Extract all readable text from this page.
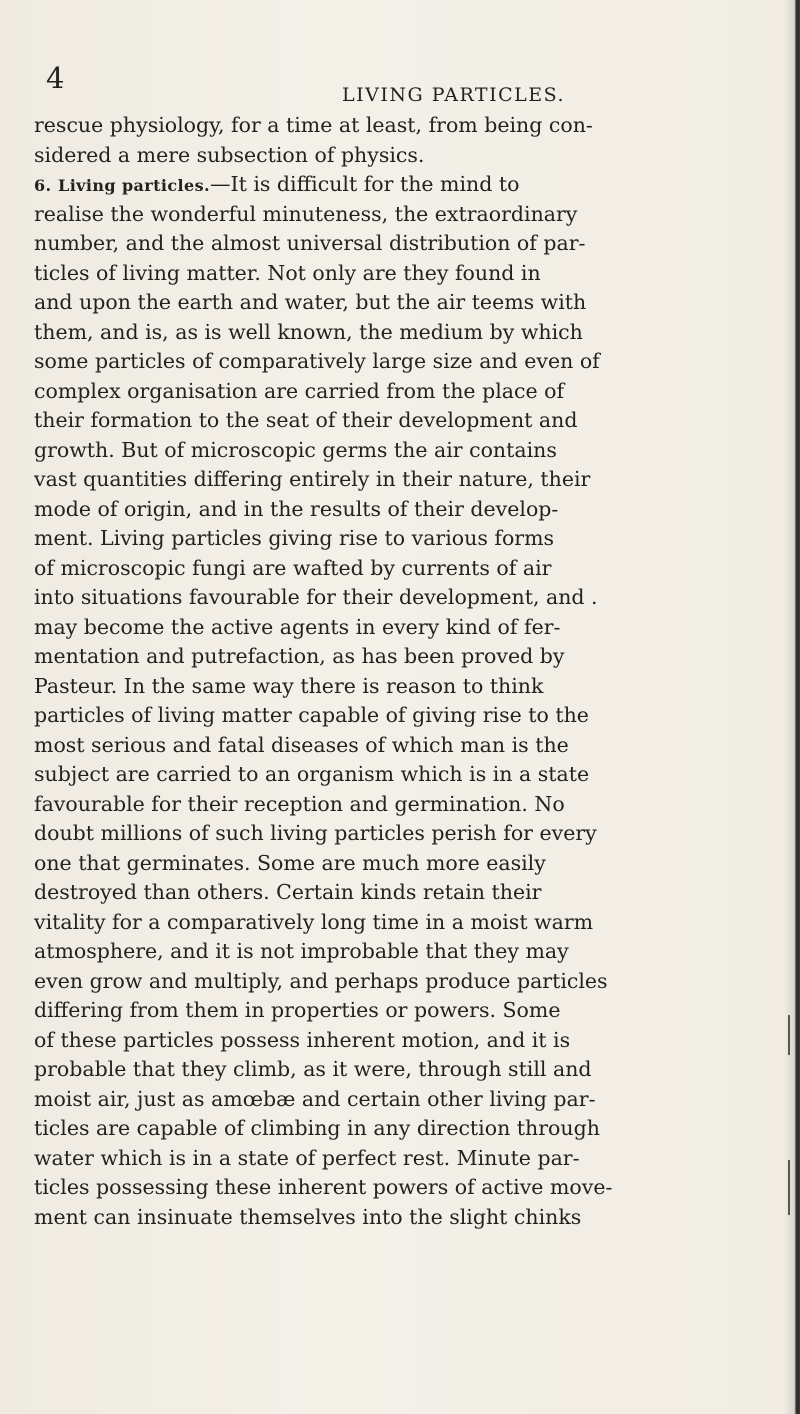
4	LIVING PARTICLES.
rescue physiology, for a time at least, from being con-
sidered a mere subsection of physics.
6. Living particles.—It is difficult for the mind to
realise the wonderful minuteness, the extraordinary
number, and the almost universal distribution of par-
ticles of living matter. Not only are they found in
and upon the earth and water, but the air teems with
them, and is, as is well known, the medium by which
some particles of comparatively large size and even of
complex organisation are carried from the place of
their formation to the seat of their development and
growth. But of microscopic germs the air contains
vast quantities differing entirely in their nature, their
mode of origin, and in the results of their develop-
ment. Living particles giving rise to various forms
of microscopic fungi are wafted by currents of air
into situations favourable for their development, and .
may become the active agents in every kind of fer-
mentation and putrefaction, as has been proved by
Pasteur. In the same way there is reason to think
particles of living matter capable of giving rise to the
most serious and fatal diseases of which man is the
subject are carried to an organism which is in a state
favourable for their reception and germination. No
doubt millions of such living particles perish for every
one that germinates. Some are much more easily
destroyed than others. Certain kinds retain their
vitality for a comparatively long time in a moist warm
atmosphere, and it is not improbable that they may
even grow and multiply, and perhaps produce particles
differing from them in properties or powers. Some
of these particles possess inherent motion, and it is
probable that they climb, as it were, through still and
moist air, just as amœbæ and certain other living par-
ticles are capable of climbing in any direction through
water which is in a state of perfect rest. Minute par-
ticles possessing these inherent powers of active move-
ment can insinuate themselves into the slight chinks
